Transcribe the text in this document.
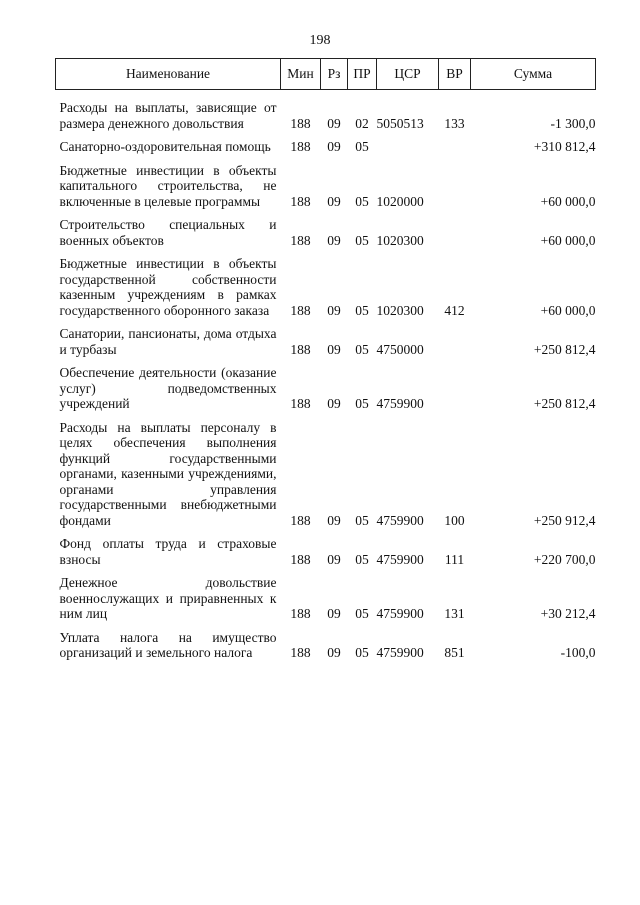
198
Наименование	Мин	Рз	ПР	ЦСР	ВР	Сумма
Расходы на выплаты, зависящие от размера денежного довольствия	188	09	02	5050513	133	-1 300,0
Санаторно-оздоровительная помощь	188	09	05			+310 812,4
Бюджетные инвестиции в объекты капитального строительства, не включенные в целевые программы	188	09	05	1020000		+60 000,0
Строительство специальных и военных объектов	188	09	05	1020300		+60 000,0
Бюджетные инвестиции в объекты государственной собственности казенным учреждениям в рамках государственного оборонного заказа	188	09	05	1020300	412	+60 000,0
Санатории, пансионаты, дома отдыха и турбазы	188	09	05	4750000		+250 812,4
Обеспечение деятельности (оказание услуг) подведомственных учреждений	188	09	05	4759900		+250 812,4
Расходы на выплаты персоналу в целях обеспечения выполнения функций государственными органами, казенными учреждениями, органами управления государственными внебюджетными фондами	188	09	05	4759900	100	+250 912,4
Фонд оплаты труда и страховые взносы	188	09	05	4759900	111	+220 700,0
Денежное довольствие военнослужащих и приравненных к ним лиц	188	09	05	4759900	131	+30 212,4
Уплата налога на имущество организаций и земельного налога	188	09	05	4759900	851	-100,0
